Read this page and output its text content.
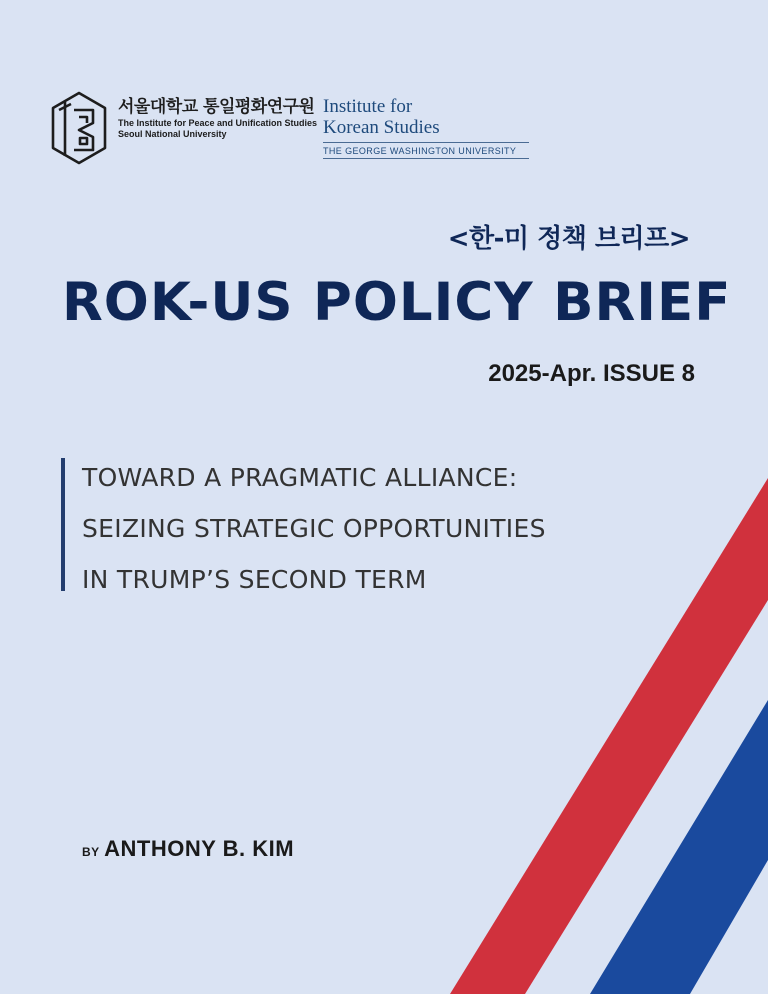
서울대학교 통일평화연구원
The Institute for Peace and Unification Studies
Seoul National University
Institute for
Korean Studies
THE GEORGE WASHINGTON UNIVERSITY
<한-미 정책 브리프>
ROK-US POLICY BRIEF
2025-Apr. ISSUE 8
TOWARD A PRAGMATIC ALLIANCE:
SEIZING STRATEGIC OPPORTUNITIES
IN TRUMP’S SECOND TERM
BY ANTHONY B. KIM
